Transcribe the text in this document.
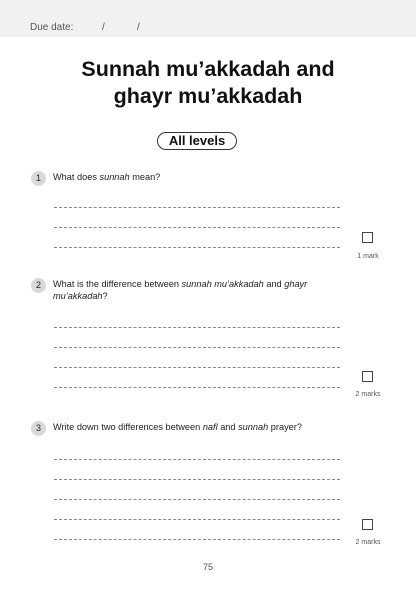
Due date:	/	/
Sunnah mu’akkadah and
ghayr mu’akkadah
All levels
1	What does sunnah mean?
1 mark
2	What is the difference between sunnah mu’akkadah and ghayr mu’akkadah?
2 marks
3	Write down two differences between nafl and sunnah prayer?
2 marks
75
